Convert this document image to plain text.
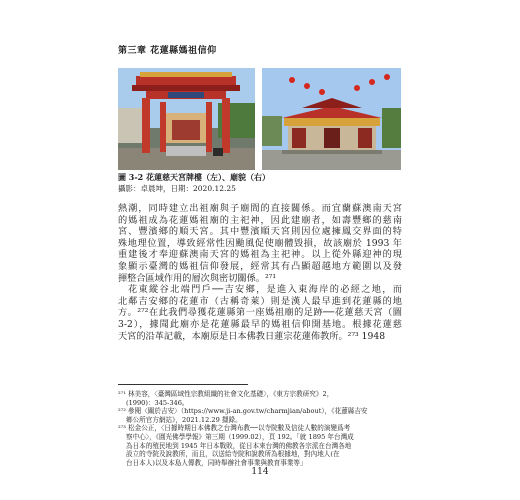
第三章 花蓮縣媽祖信仰
圖 3-2 花蓮慈天宮牌樓（左）、廟貌（右）
攝影：卓晨坤，日期：2020.12.25
熱潮，同時建立出祖廟與子廟間的直接關係。而宜蘭蘇澳南天宮
的媽祖成為花蓮媽祖廟的主祀神，因此建廟者，如壽豐鄉的慈南
宮、豐濱鄉的順天宮。其中豐濱順天宮則因位處擁鳳交界面的特
殊地理位置，導致經常性因颱風促使廟體毀損，故該廟於 1993 年
重建後才奉迎蘇澳南天宮的媽祖為主祀神。以上從外縣迎神的現
象顯示臺灣的媽祖信仰發展，經常其有凸顯超越地方範圍以及發
揮整合區域作用的層次與密切關係。²⁷¹
花東縱谷北端門戶──吉安鄉，是進入東海岸的必經之地，而
北鄰吉安鄉的花蓮市（古稱奇萊）則是漢人最早進到花蓮縣的地
方。²⁷²在此我們尋獲花蓮縣第一座媽祖廟的足跡──花蓮慈天宮（圖
3-2），據聞此廟亦是花蓮縣最早的媽祖信仰開基地。根據花蓮慈
天宮的沿革記載，本廟原是日本佛教日蓮宗花蓮佈教所。²⁷³ 1948
²⁷¹ 林美容，〈臺灣區域性宗教組織的社會文化基礎〉，《東方宗教研究》2，
(1990)：345-346。
²⁷² 參閱〈關於吉安〉（https://www.ji-an.gov.tw/charmjian/about），《花蓮縣吉安
鄉公所官方網站》，2021.12.29 擷錄。
²⁷³ 松金公正，〈日據時期日本佛教之台灣布教──以寺院數及信徒人數的演變爲考
察中心〉，《圓光佛學學報》第三期（1999.02），頁 192。「就 1895 年台灣成
為日本的殖民地到 1945 年日本戰敗，從日本來台灣的佛教各宗派在台灣各地
設立的寺院及說教所，而且，以送給寺院和說教所為根據地，對內地人(在
台日本人)以及本島人傳教，同時舉辦社會事業與教育事業等」
114
